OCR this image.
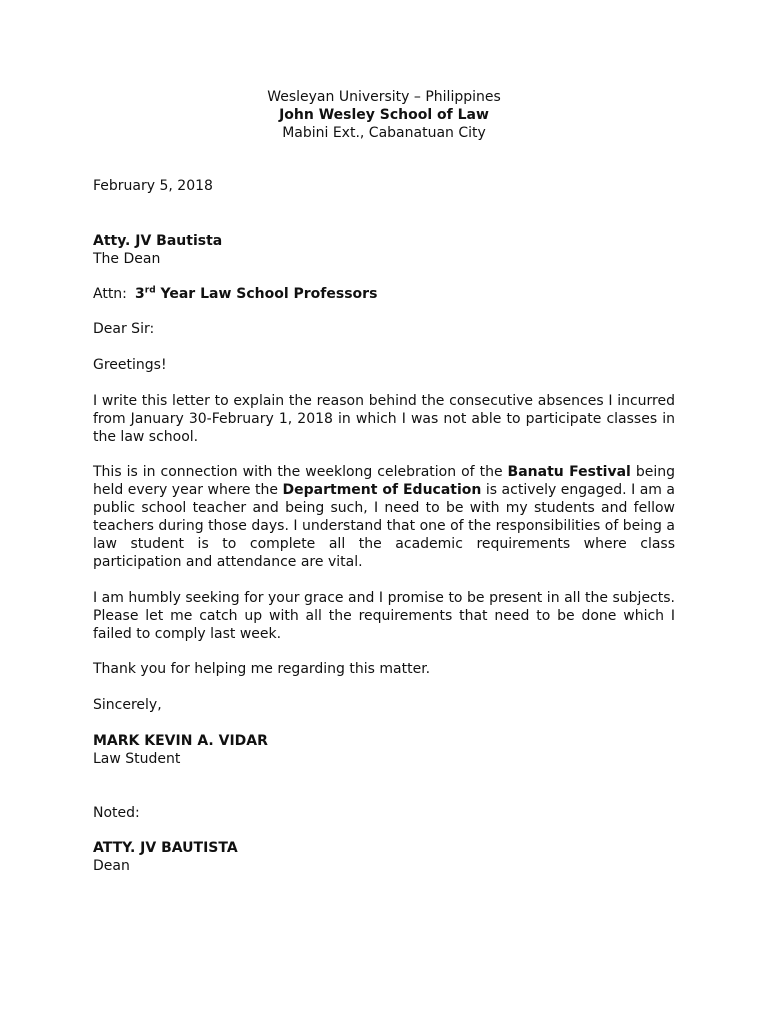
Wesleyan University – Philippines
John Wesley School of Law
Mabini Ext., Cabanatuan City
February 5, 2018
Atty. JV Bautista
The Dean
Attn: 3rd Year Law School Professors
Dear Sir:
Greetings!
I write this letter to explain the reason behind the consecutive absences I incurred from January 30-February 1, 2018 in which I was not able to participate classes in the law school.
This is in connection with the weeklong celebration of the Banatu Festival being held every year where the Department of Education is actively engaged. I am a public school teacher and being such, I need to be with my students and fellow teachers during those days. I understand that one of the responsibilities of being a law student is to complete all the academic requirements where class participation and attendance are vital.
I am humbly seeking for your grace and I promise to be present in all the subjects. Please let me catch up with all the requirements that need to be done which I failed to comply last week.
Thank you for helping me regarding this matter.
Sincerely,
MARK KEVIN A. VIDAR
Law Student
Noted:
ATTY. JV BAUTISTA
Dean
